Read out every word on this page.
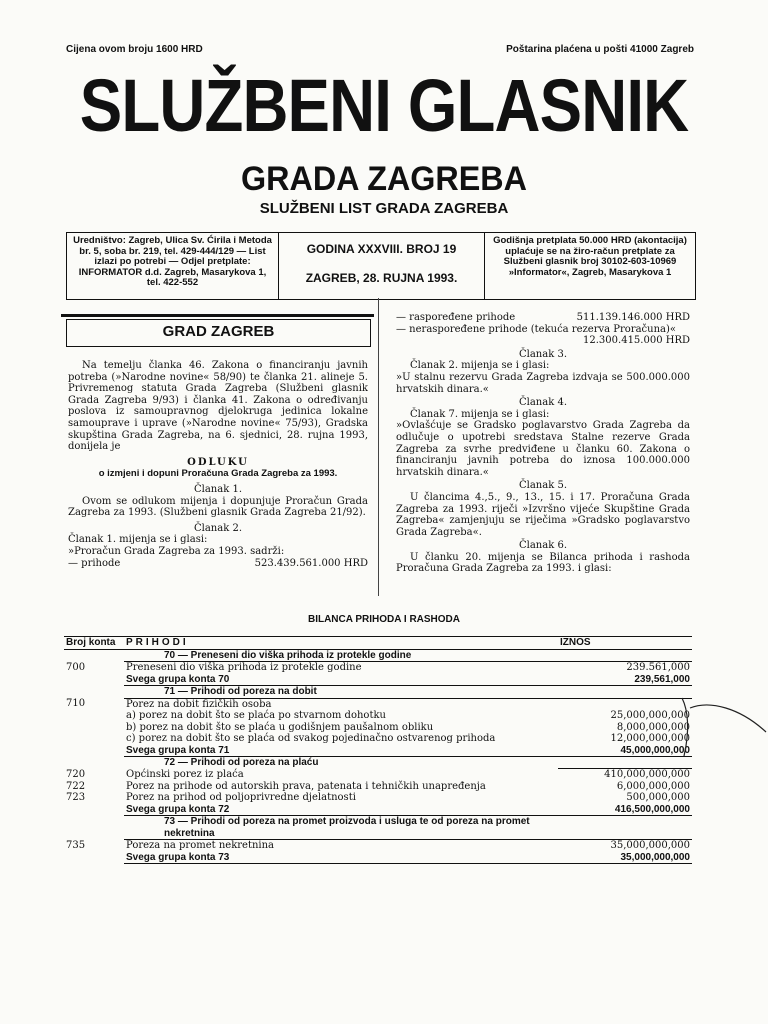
Cijena ovom broju 1600 HRD	Poštarina plaćena u pošti 41000 Zagreb
SLUŽBENI GLASNIK
GRADA ZAGREBA
SLUŽBENI LIST GRADA ZAGREBA
Uredništvo: Zagreb, Ulica Sv. Ćirila i Metoda br. 5, soba br. 219, tel. 429-444/129 — List izlazi po potrebi — Odjel pretplate: INFORMATOR d.d. Zagreb, Masarykova 1, tel. 422-552
GODINA XXXVIII. BROJ 19
ZAGREB, 28. RUJNA 1993.
Godišnja pretplata 50.000 HRD (akontacija) uplaćuje se na žiro-račun pretplate za Službeni glasnik broj 30102-603-10969 »Informator«, Zagreb, Masarykova 1
GRAD ZAGREB

Na temelju članka 46. Zakona o financiranju javnih potreba (»Narodne novine« 58/90) te članka 21. alineje 5. Privremenog statuta Grada Zagreba (Službeni glasnik Grada Zagreba 9/93) i članka 41. Zakona o određivanju poslova iz samoupravnog djelokruga jedinica lokalne samouprave i uprave (»Narodne novine« 75/93), Gradska skupština Grada Zagreba, na 6. sjednici, 28. rujna 1993, donijela je

ODLUKU

o izmjeni i dopuni Proračuna Grada Zagreba za 1993.

Članak 1.

Ovom se odlukom mijenja i dopunjuje Proračun Grada Zagreba za 1993. (Službeni glasnik Grada Zagreba 21/92).

Članak 2.

Članak 1. mijenja se i glasi:

»Proračun Grada Zagreba za 1993. sadrži:

— prihode	523.439.561.000 HRD
— raspoređene prihode	511.139.146.000 HRD

— neraspoređene prihode (tekuća rezerva Proračuna)«

12.300.415.000 HRD

Članak 3.

Članak 2. mijenja se i glasi:

»U stalnu rezervu Grada Zagreba izdvaja se 500.000.000 hrvatskih dinara.«

Članak 4.

Članak 7. mijenja se i glasi:

»Ovlašćuje se Gradsko poglavarstvo Grada Zagreba da odlučuje o upotrebi sredstava Stalne rezerve Grada Zagreba za svrhe predviđene u članku 60. Zakona o financiranju javnih potreba do iznosa 100.000.000 hrvatskih dinara.«

Članak 5.

U člancima 4.,5., 9., 13., 15. i 17. Proračuna Grada Zagreba za 1993. riječi »Izvršno vijeće Skupštine Grada Zagreba« zamjenjuju se riječima »Gradsko poglavarstvo Grada Zagreba«.

Članak 6.

U članku 20. mijenja se Bilanca prihoda i rashoda Proračuna Grada Zagreba za 1993. i glasi:

BILANCA PRIHODA I RASHODA
Broj konta	PRIHODI	IZNOS
	70 — Preneseni dio viška prihoda iz protekle godine	
700	Preneseni dio viška prihoda iz protekle godine	239.561,000
	Svega grupa konta 70	239,561,000
	71 — Prihodi od poreza na dobit	
710	Porez na dobit fizičkih osoba	
	a) porez na dobit što se plaća po stvarnom dohotku	25,000,000,000
	b) porez na dobit što se plaća u godišnjem paušalnom obliku	8,000,000,000
	c) porez na dobit što se plaća od svakog pojedinačno ostvarenog prihoda	12,000,000,000
	Svega grupa konta 71	45,000,000,000
	72 — Prihodi od poreza na plaću	
720	Općinski porez iz plaća	410,000,000,000
722	Porez na prihode od autorskih prava, patenata i tehničkih unapređenja	6,000,000,000
723	Porez na prihod od poljoprivredne djelatnosti	500,000,000
	Svega grupa konta 72	416,500,000,000
	73 — Prihodi od poreza na promet proizvoda i usluga te od poreza na promet nekretnina	
735	Poreza na promet nekretnina	35,000,000,000
	Svega grupa konta 73	35,000,000,000
